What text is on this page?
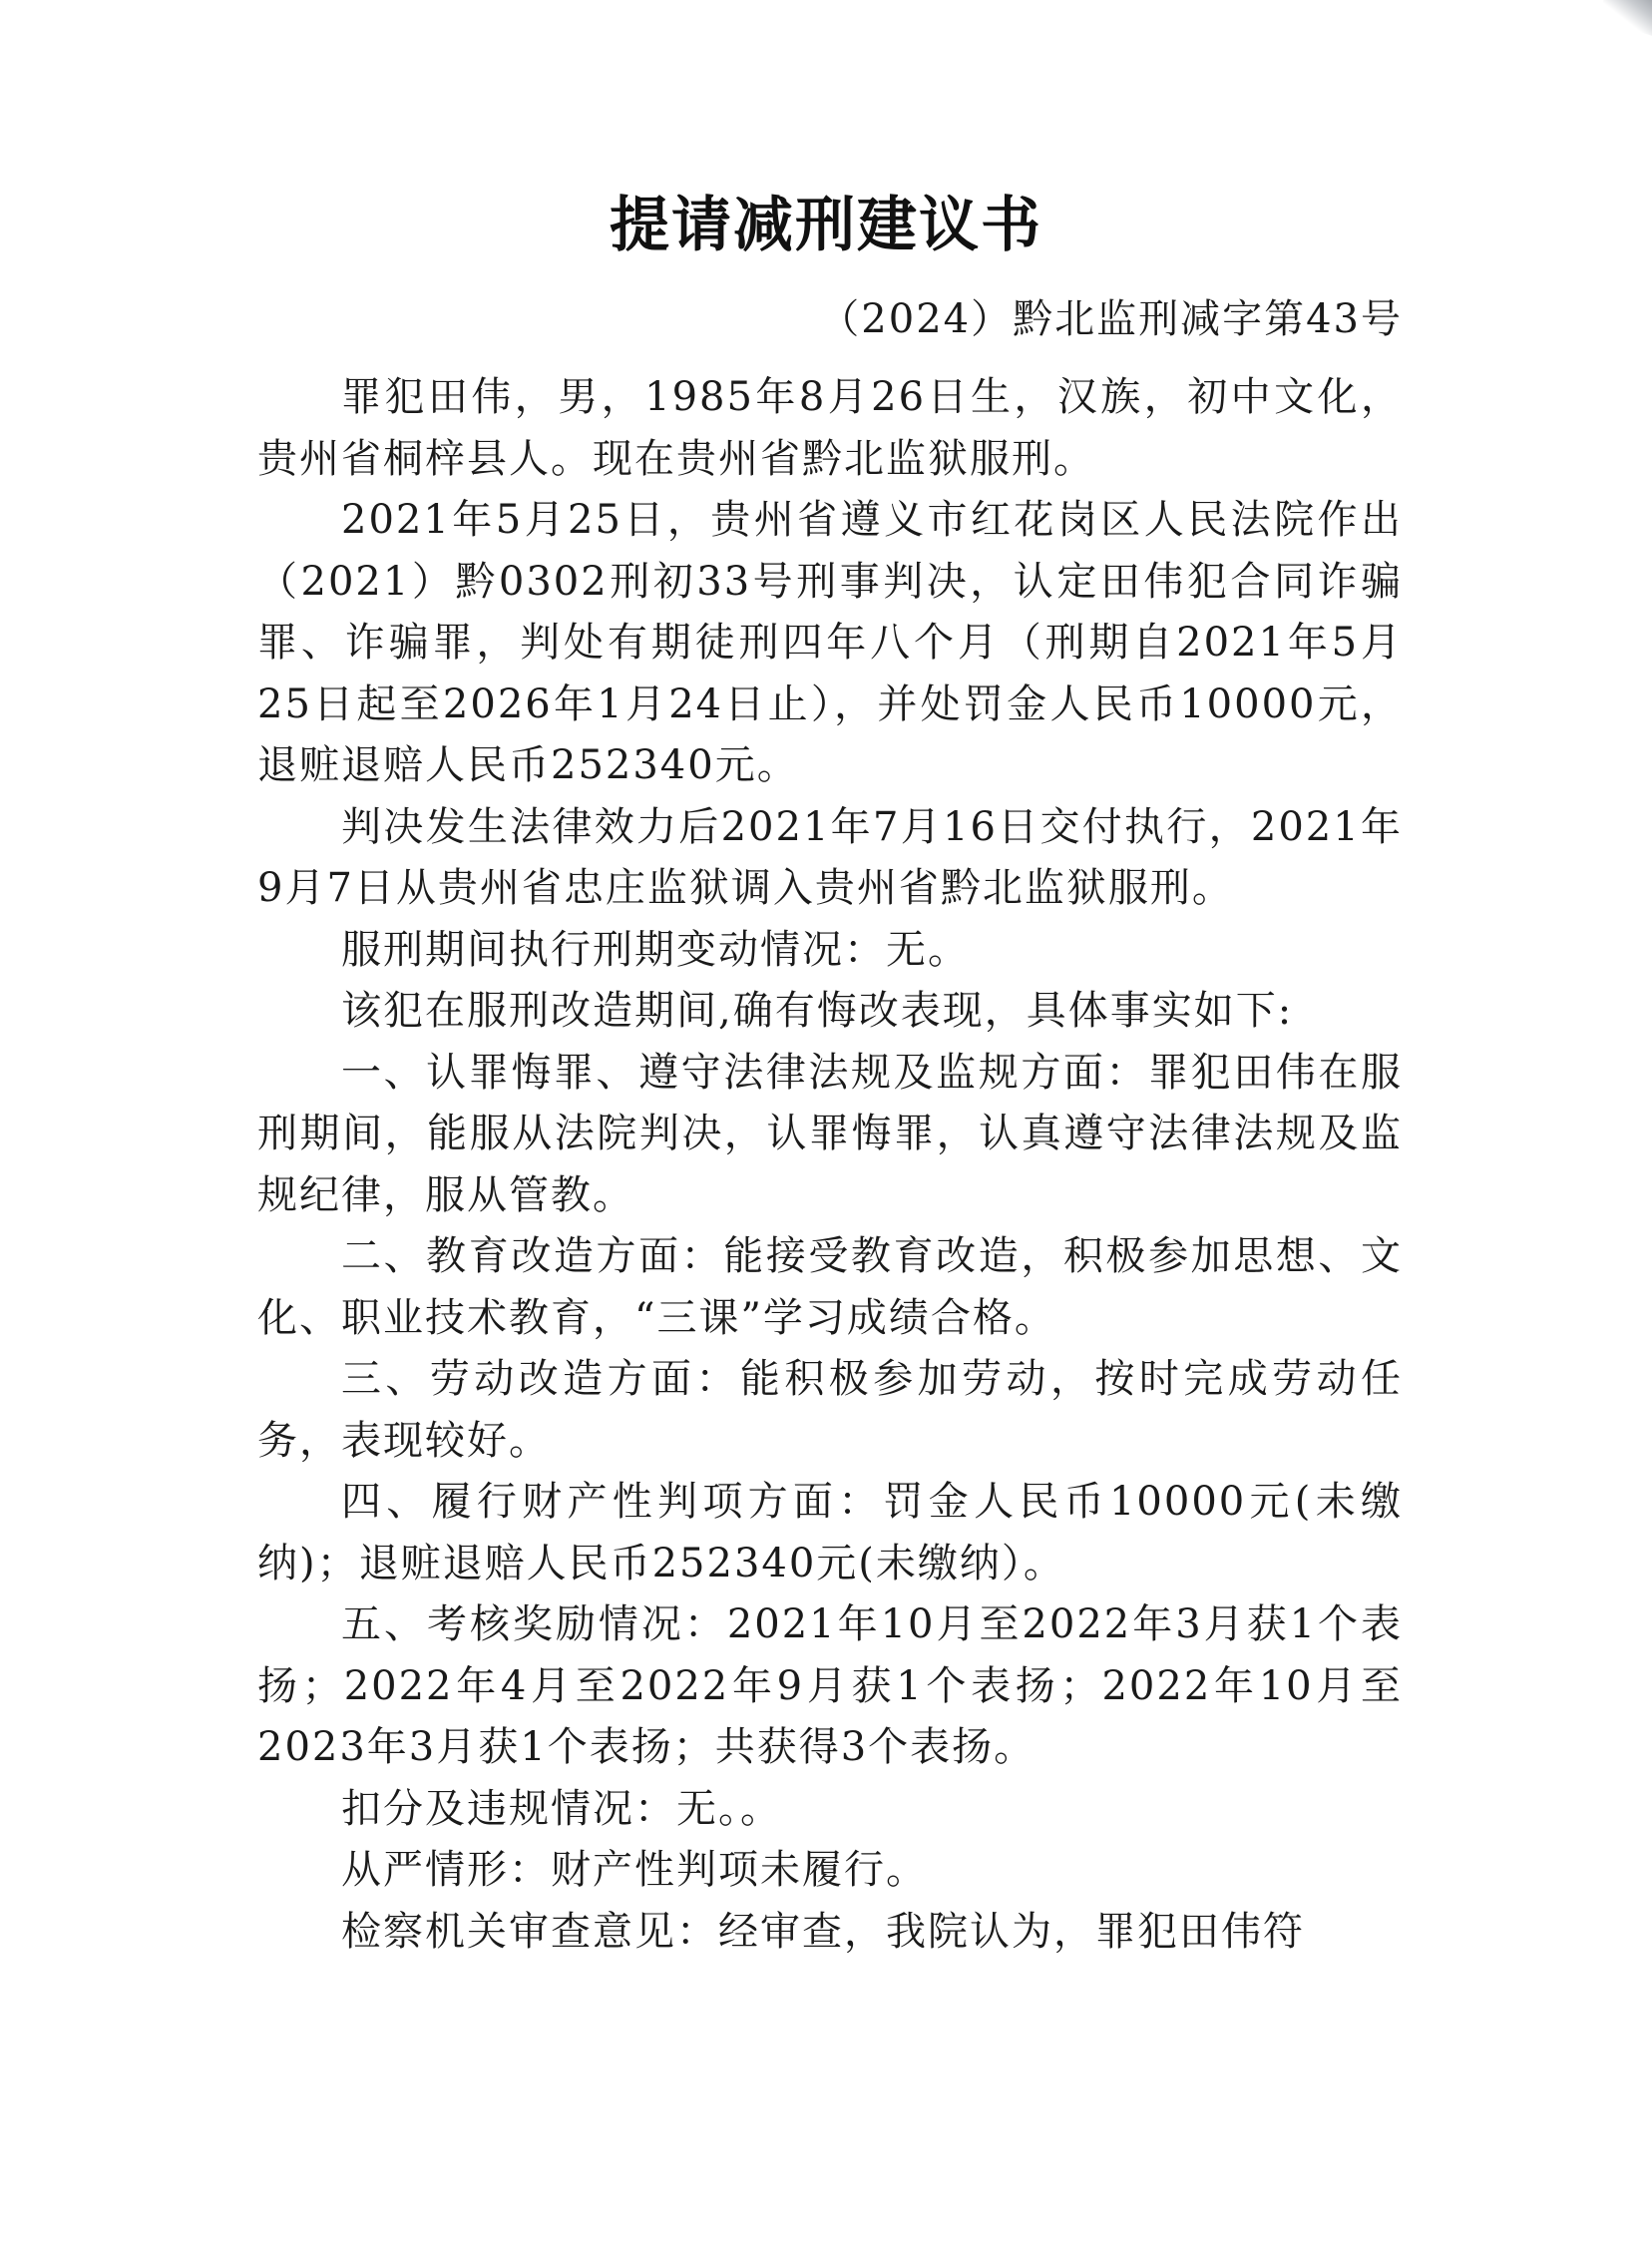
提请减刑建议书
（2024）黔北监刑减字第43号

罪犯田伟，男，1985年8月26日生，汉族，初中文化，贵州省桐梓县人。现在贵州省黔北监狱服刑。

2021年5月25日，贵州省遵义市红花岗区人民法院作出（2021）黔0302刑初33号刑事判决，认定田伟犯合同诈骗罪、诈骗罪，判处有期徒刑四年八个月（刑期自2021年5月25日起至2026年1月24日止），并处罚金人民币10000元，退赃退赔人民币252340元。

判决发生法律效力后2021年7月16日交付执行，2021年9月7日从贵州省忠庄监狱调入贵州省黔北监狱服刑。

服刑期间执行刑期变动情况：无。

该犯在服刑改造期间,确有悔改表现，具体事实如下:

一、认罪悔罪、遵守法律法规及监规方面：罪犯田伟在服刑期间，能服从法院判决，认罪悔罪，认真遵守法律法规及监规纪律，服从管教。

二、教育改造方面：能接受教育改造，积极参加思想、文化、职业技术教育，“三课”学习成绩合格。

三、劳动改造方面：能积极参加劳动，按时完成劳动任务，表现较好。

四、履行财产性判项方面：罚金人民币10000元(未缴纳)；退赃退赔人民币252340元(未缴纳）。

五、考核奖励情况：2021年10月至2022年3月获1个表扬；2022年4月至2022年9月获1个表扬；2022年10月至2023年3月获1个表扬；共获得3个表扬。

扣分及违规情况：无。。

从严情形：财产性判项未履行。

检察机关审查意见：经审查，我院认为，罪犯田伟符
